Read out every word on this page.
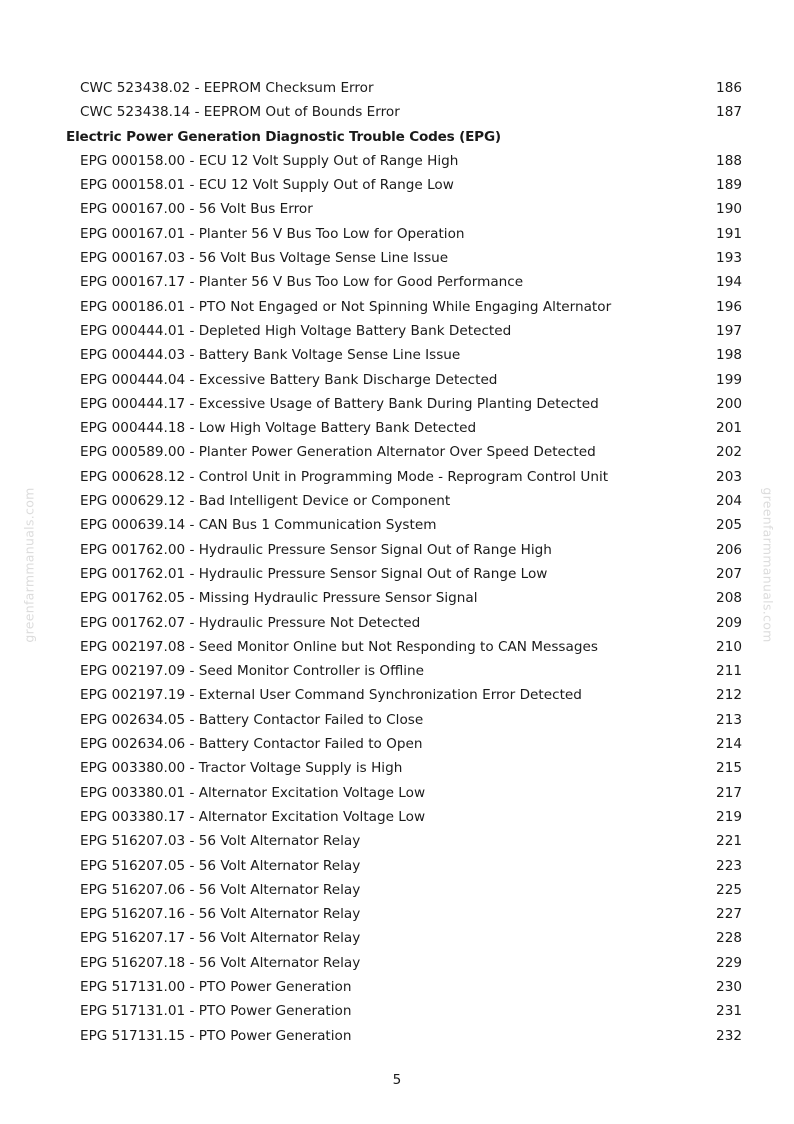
greenfarmmanuals.com	greenfarmmanuals.com
CWC 523438.02 - EEPROM Checksum Error	186
CWC 523438.14 - EEPROM Out of Bounds Error	187
Electric Power Generation Diagnostic Trouble Codes (EPG)
EPG 000158.00 - ECU 12 Volt Supply Out of Range High	188
EPG 000158.01 - ECU 12 Volt Supply Out of Range Low	189
EPG 000167.00 - 56 Volt Bus Error	190
EPG 000167.01 - Planter 56 V Bus Too Low for Operation	191
EPG 000167.03 - 56 Volt Bus Voltage Sense Line Issue	193
EPG 000167.17 - Planter 56 V Bus Too Low for Good Performance	194
EPG 000186.01 - PTO Not Engaged or Not Spinning While Engaging Alternator	196
EPG 000444.01 - Depleted High Voltage Battery Bank Detected	197
EPG 000444.03 - Battery Bank Voltage Sense Line Issue	198
EPG 000444.04 - Excessive Battery Bank Discharge Detected	199
EPG 000444.17 - Excessive Usage of Battery Bank During Planting Detected	200
EPG 000444.18 - Low High Voltage Battery Bank Detected	201
EPG 000589.00 - Planter Power Generation Alternator Over Speed Detected	202
EPG 000628.12 - Control Unit in Programming Mode - Reprogram Control Unit	203
EPG 000629.12 - Bad Intelligent Device or Component	204
EPG 000639.14 - CAN Bus 1 Communication System	205
EPG 001762.00 - Hydraulic Pressure Sensor Signal Out of Range High	206
EPG 001762.01 - Hydraulic Pressure Sensor Signal Out of Range Low	207
EPG 001762.05 - Missing Hydraulic Pressure Sensor Signal	208
EPG 001762.07 - Hydraulic Pressure Not Detected	209
EPG 002197.08 - Seed Monitor Online but Not Responding to CAN Messages	210
EPG 002197.09 - Seed Monitor Controller is Offline	211
EPG 002197.19 - External User Command Synchronization Error Detected	212
EPG 002634.05 - Battery Contactor Failed to Close	213
EPG 002634.06 - Battery Contactor Failed to Open	214
EPG 003380.00 - Tractor Voltage Supply is High	215
EPG 003380.01 - Alternator Excitation Voltage Low	217
EPG 003380.17 - Alternator Excitation Voltage Low	219
EPG 516207.03 - 56 Volt Alternator Relay	221
EPG 516207.05 - 56 Volt Alternator Relay	223
EPG 516207.06 - 56 Volt Alternator Relay	225
EPG 516207.16 - 56 Volt Alternator Relay	227
EPG 516207.17 - 56 Volt Alternator Relay	228
EPG 516207.18 - 56 Volt Alternator Relay	229
EPG 517131.00 - PTO Power Generation	230
EPG 517131.01 - PTO Power Generation	231
EPG 517131.15 - PTO Power Generation	232
5
